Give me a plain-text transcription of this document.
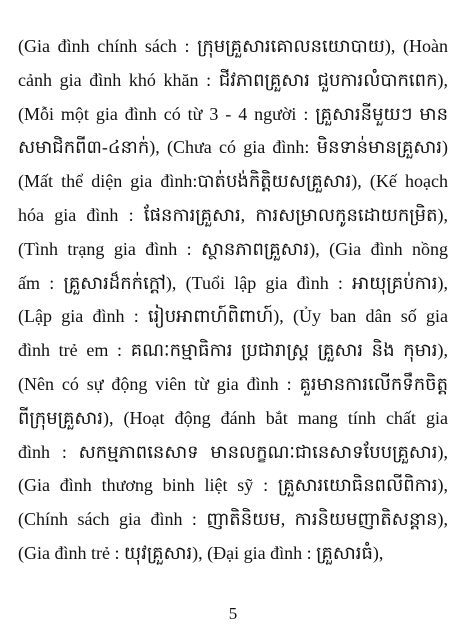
(Gia đình chính sách : ក្រុមគ្រួសារគោលនយោបាយ), (Hoàn
cảnh gia đình khó khăn : ជីវភាពគ្រួសារ ជួបការលំបាកពេក),
(Mỗi một gia đình có từ 3 - 4 người : គ្រួសារនីមួយៗ មាន
សមាជិកពី៣-៤នាក់), (Chưa có gia đình: មិនទាន់មានគ្រួសារ)
(Mất thể diện gia đình:បាត់បង់កិត្តិយសគ្រួសារ), (Kế hoạch
hóa gia đình : ផែនការគ្រួសារ, ការសម្រាលកូនដោយកម្រិត),
(Tình trạng gia đình : ស្ថានភាពគ្រួសារ), (Gia đình nồng
ấm : គ្រួសារដ៏កក់ក្ដៅ), (Tuổi lập gia đình : អាយុគ្រប់ការ),
(Lập gia đình : រៀបអាពាហ៍ពិពាហ៍), (Ủy ban dân số gia
đình trẻ em : គណៈកម្មាធិការ ប្រជារាស្ត្រ គ្រួសារ និង កុមារ),
(Nên có sự động viên từ gia đình : គួរមានការលើកទឹកចិត្ត
ពីក្រុមគ្រួសារ), (Hoạt động đánh bắt mang tính chất gia
đình : សកម្មភាពនេសាទ មានលក្ខណៈជានេសាទបែបគ្រួសារ),
(Gia đình thương binh liệt sỹ : គ្រួសារយោធិនពលីពិការ),
(Chính sách gia đình : ញាតិនិយម, ការនិយមញាតិសន្ដាន),
(Gia đình trẻ : យុវគ្រួសារ), (Đại gia đình : គ្រួសារធំ),
5
